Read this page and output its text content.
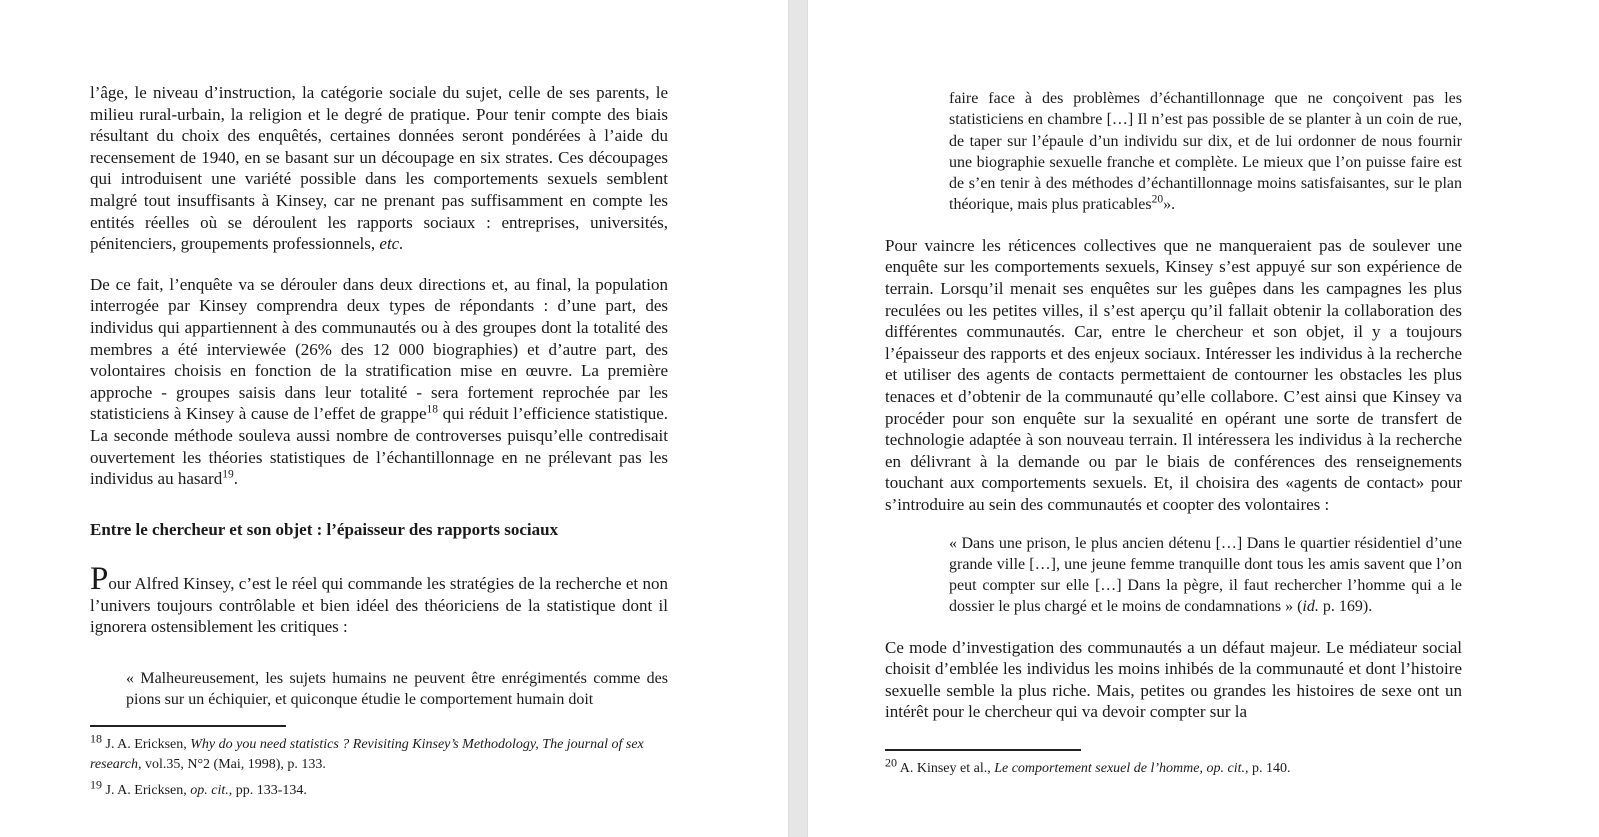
l’âge, le niveau d’instruction, la catégorie sociale du sujet, celle de ses parents, le milieu rural-urbain, la religion et le degré de pratique. Pour tenir compte des biais résultant du choix des enquêtés, certaines données seront pondérées à l’aide du recensement de 1940, en se basant sur un découpage en six strates. Ces découpages qui introduisent une variété possible dans les comportements sexuels semblent malgré tout insuffisants à Kinsey, car ne prenant pas suffisamment en compte les entités réelles où se déroulent les rapports sociaux : entreprises, universités, pénitenciers, groupements professionnels, etc.

De ce fait, l’enquête va se dérouler dans deux directions et, au final, la population interrogée par Kinsey comprendra deux types de répondants : d’une part, des individus qui appartiennent à des communautés ou à des groupes dont la totalité des membres a été interviewée (26% des 12 000 biographies) et d’autre part, des volontaires choisis en fonction de la stratification mise en œuvre. La première approche - groupes saisis dans leur totalité - sera fortement reprochée par les statisticiens à Kinsey à cause de l’effet de grappe$^{18}$ qui réduit l’efficience statistique. La seconde méthode souleva aussi nombre de controverses puisqu’elle contredisait ouvertement les théories statistiques de l’échantillonnage en ne prélevant pas les individus au hasard$^{19}$.

Entre le chercheur et son objet : l’épaisseur des rapports sociaux

Pour Alfred Kinsey, c’est le réel qui commande les stratégies de la recherche et non l’univers toujours contrôlable et bien idéel des théoriciens de la statistique dont il ignorera ostensiblement les critiques :

« Malheureusement, les sujets humains ne peuvent être enrégimentés comme des pions sur un échiquier, et quiconque étudie le comportement humain doit

$^{18}$ J. A. Ericksen, Why do you need statistics ? Revisiting Kinsey’s Methodology, The journal of sex research, vol.35, N°2 (Mai, 1998), p. 133.

$^{19}$ J. A. Ericksen, op. cit., pp. 133-134.

faire face à des problèmes d’échantillonnage que ne conçoivent pas les statisticiens en chambre […] Il n’est pas possible de se planter à un coin de rue, de taper sur l’épaule d’un individu sur dix, et de lui ordonner de nous fournir une biographie sexuelle franche et complète. Le mieux que l’on puisse faire est de s’en tenir à des méthodes d’échantillonnage moins satisfaisantes, sur le plan théorique, mais plus praticables$^{20}$».

Pour vaincre les réticences collectives que ne manqueraient pas de soulever une enquête sur les comportements sexuels, Kinsey s’est appuyé sur son expérience de terrain. Lorsqu’il menait ses enquêtes sur les guêpes dans les campagnes les plus reculées ou les petites villes, il s’est aperçu qu’il fallait obtenir la collaboration des différentes communautés. Car, entre le chercheur et son objet, il y a toujours l’épaisseur des rapports et des enjeux sociaux. Intéresser les individus à la recherche et utiliser des agents de contacts permettaient de contourner les obstacles les plus tenaces et d’obtenir de la communauté qu’elle collabore. C’est ainsi que Kinsey va procéder pour son enquête sur la sexualité en opérant une sorte de transfert de technologie adaptée à son nouveau terrain. Il intéressera les individus à la recherche en délivrant à la demande ou par le biais de conférences des renseignements touchant aux comportements sexuels. Et, il choisira des «agents de contact» pour s’introduire au sein des communautés et coopter des volontaires :

« Dans une prison, le plus ancien détenu […] Dans le quartier résidentiel d’une grande ville […], une jeune femme tranquille dont tous les amis savent que l’on peut compter sur elle […] Dans la pègre, il faut rechercher l’homme qui a le dossier le plus chargé et le moins de condamnations » (id. p. 169).

Ce mode d’investigation des communautés a un défaut majeur. Le médiateur social choisit d’emblée les individus les moins inhibés de la communauté et dont l’histoire sexuelle semble la plus riche. Mais, petites ou grandes les histoires de sexe ont un intérêt pour le chercheur qui va devoir compter sur la

$^{20}$ A. Kinsey et al., Le comportement sexuel de l’homme, op. cit., p. 140.
